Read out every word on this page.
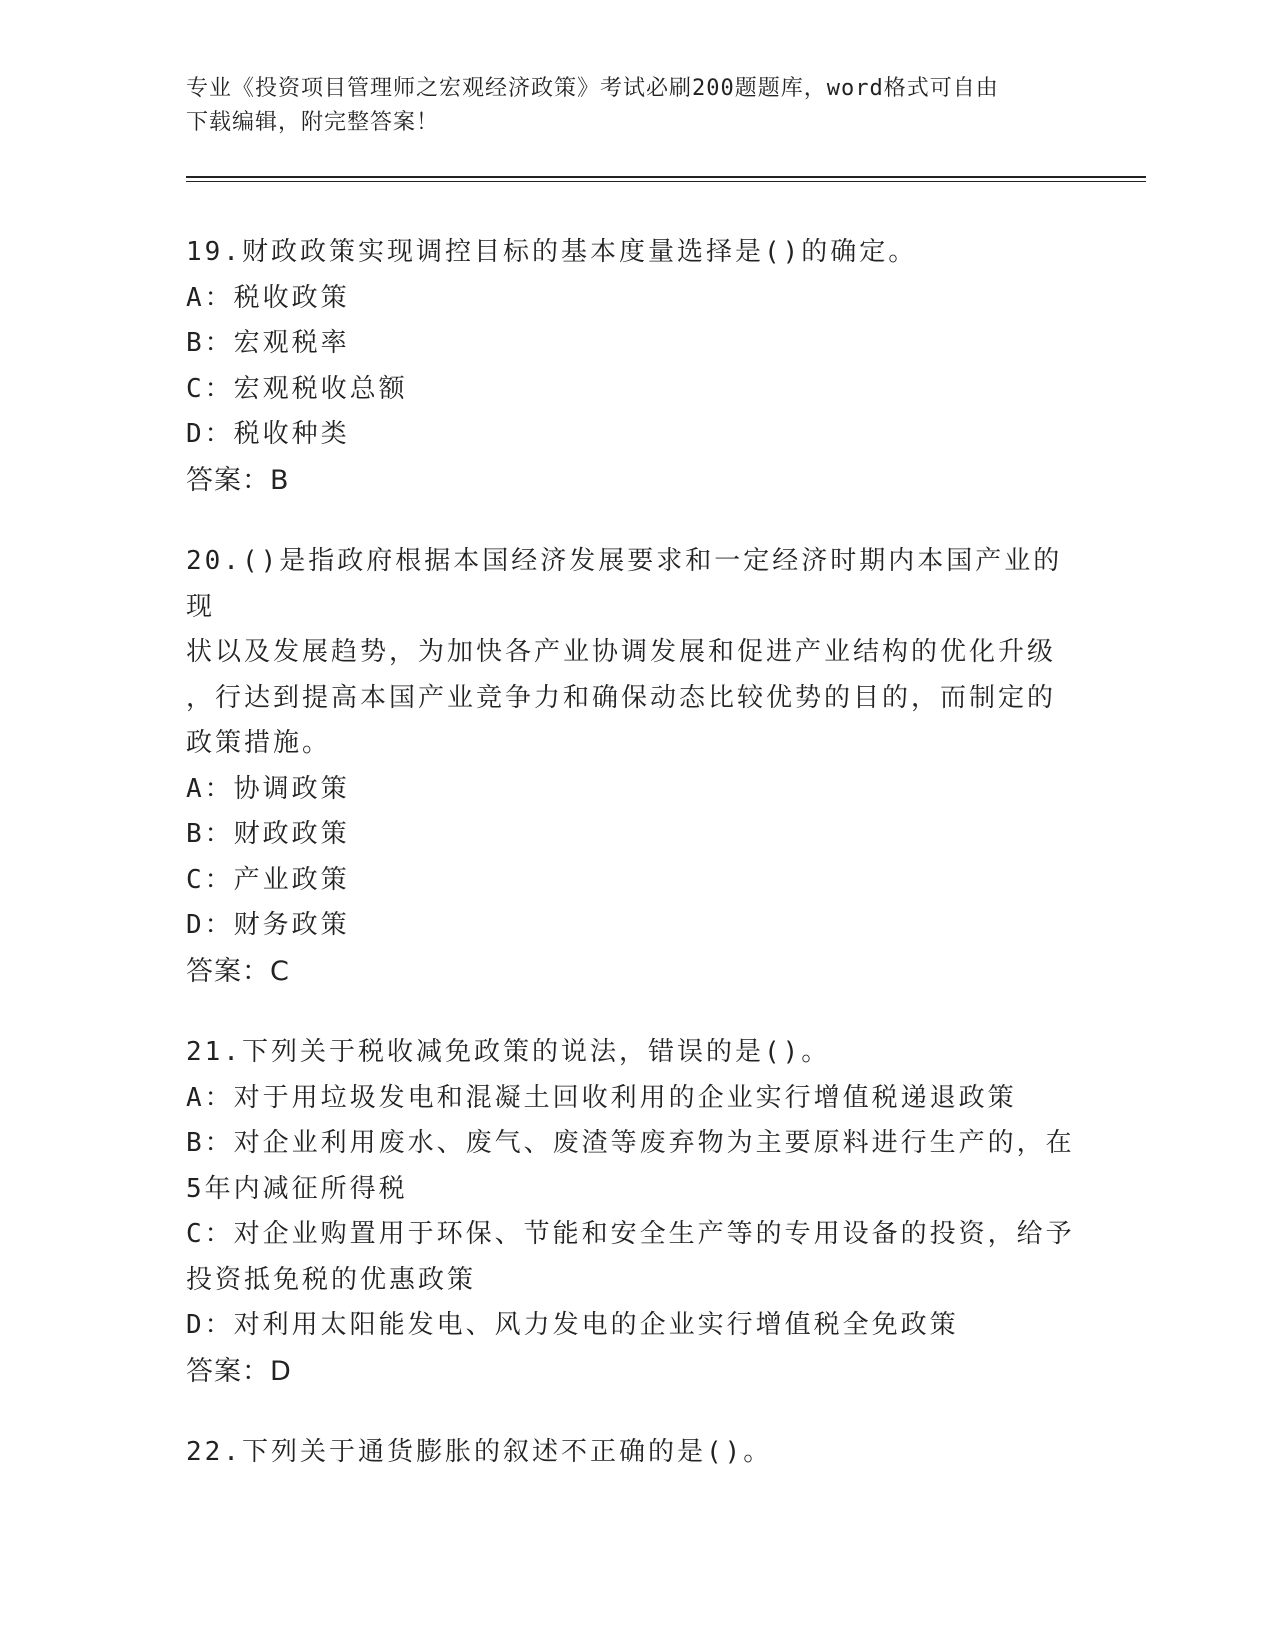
专业《投资项目管理师之宏观经济政策》考试必刷200题题库，word格式可自由
下载编辑，附完整答案！
19.财政政策实现调控目标的基本度量选择是()的确定。
A：税收政策
B：宏观税率
C：宏观税收总额
D：税收种类
答案：B
20.()是指政府根据本国经济发展要求和一定经济时期内本国产业的现
状以及发展趋势，为加快各产业协调发展和促进产业结构的优化升级
，行达到提高本国产业竞争力和确保动态比较优势的目的，而制定的
政策措施。
A：协调政策
B：财政政策
C：产业政策
D：财务政策
答案：C
21.下列关于税收减免政策的说法，错误的是()。
A：对于用垃圾发电和混凝土回收利用的企业实行增值税递退政策
B：对企业利用废水、废气、废渣等废弃物为主要原料进行生产的，在
5年内减征所得税
C：对企业购置用于环保、节能和安全生产等的专用设备的投资，给予
投资抵免税的优惠政策
D：对利用太阳能发电、风力发电的企业实行增值税全免政策
答案：D
22.下列关于通货膨胀的叙述不正确的是()。
